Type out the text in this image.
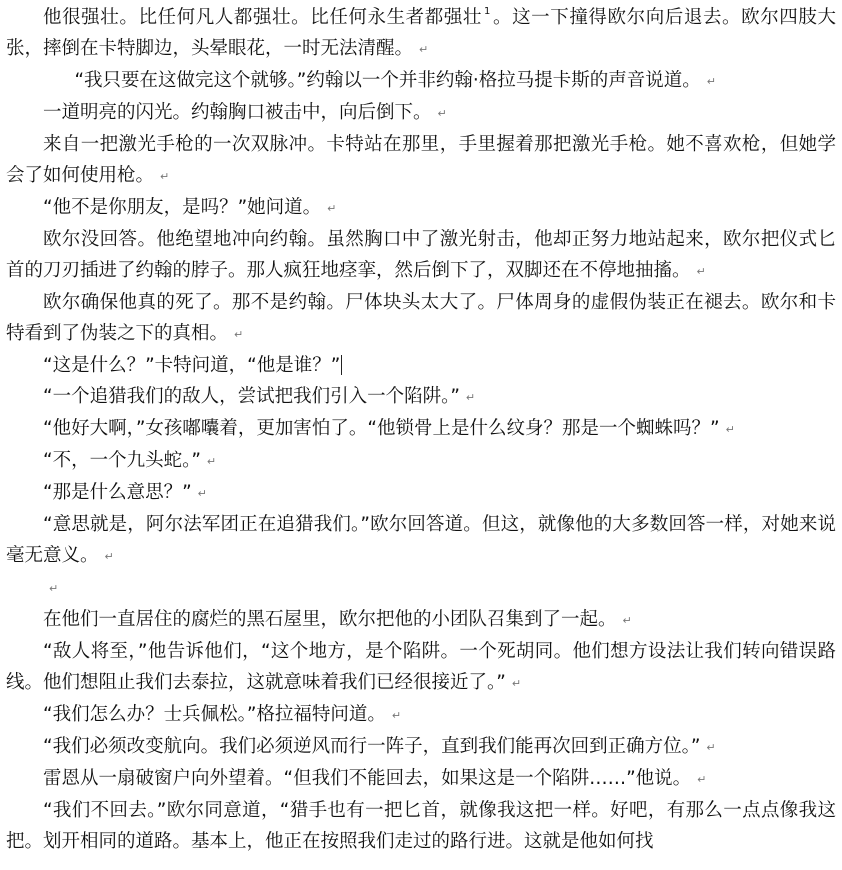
他很强壮。比任何凡人都强壮。比任何永生者都强壮 $^1$ 。这一下撞得欧尔向后退去。欧尔四肢大张，摔倒在卡特脚边，头晕眼花，一时无法清醒。 ↵

“我只要在这做完这个就够。”约翰以一个并非约翰·格拉马提卡斯的声音说道。 ↵

一道明亮的闪光。约翰胸口被击中，向后倒下。 ↵

来自一把激光手枪的一次双脉冲。卡特站在那里，手里握着那把激光手枪。她不喜欢枪，但她学会了如何使用枪。 ↵

“他不是你朋友，是吗？”她问道。 ↵

欧尔没回答。他绝望地冲向约翰。虽然胸口中了激光射击，他却正努力地站起来，欧尔把仪式匕首的刀刃插进了约翰的脖子。那人疯狂地痉挛，然后倒下了，双脚还在不停地抽搐。 ↵

欧尔确保他真的死了。那不是约翰。尸体块头太大了。尸体周身的虚假伪装正在褪去。欧尔和卡特看到了伪装之下的真相。 ↵

“这是什么？”卡特问道，“他是谁？”

“一个追猎我们的敌人，尝试把我们引入一个陷阱。” ↵

“他好大啊，”女孩嘟囔着，更加害怕了。“他锁骨上是什么纹身？那是一个蜘蛛吗？” ↵

“不，一个九头蛇。” ↵

“那是什么意思？” ↵

“意思就是，阿尔法军团正在追猎我们。”欧尔回答道。但这，就像他的大多数回答一样，对她来说毫无意义。 ↵

↵

在他们一直居住的腐烂的黑石屋里，欧尔把他的小团队召集到了一起。 ↵

“敌人将至，”他告诉他们，“这个地方，是个陷阱。一个死胡同。他们想方设法让我们转向错误路线。他们想阻止我们去泰拉，这就意味着我们已经很接近了。” ↵

“我们怎么办？士兵佩松。”格拉福特问道。 ↵

“我们必须改变航向。我们必须逆风而行一阵子，直到我们能再次回到正确方位。” ↵

雷恩从一扇破窗户向外望着。“但我们不能回去，如果这是一个陷阱……”他说。 ↵

“我们不回去。”欧尔同意道，“猎手也有一把匕首，就像我这把一样。好吧，有那么一点点像我这把。划开相同的道路。基本上，他正在按照我们走过的路行进。这就是他如何找
